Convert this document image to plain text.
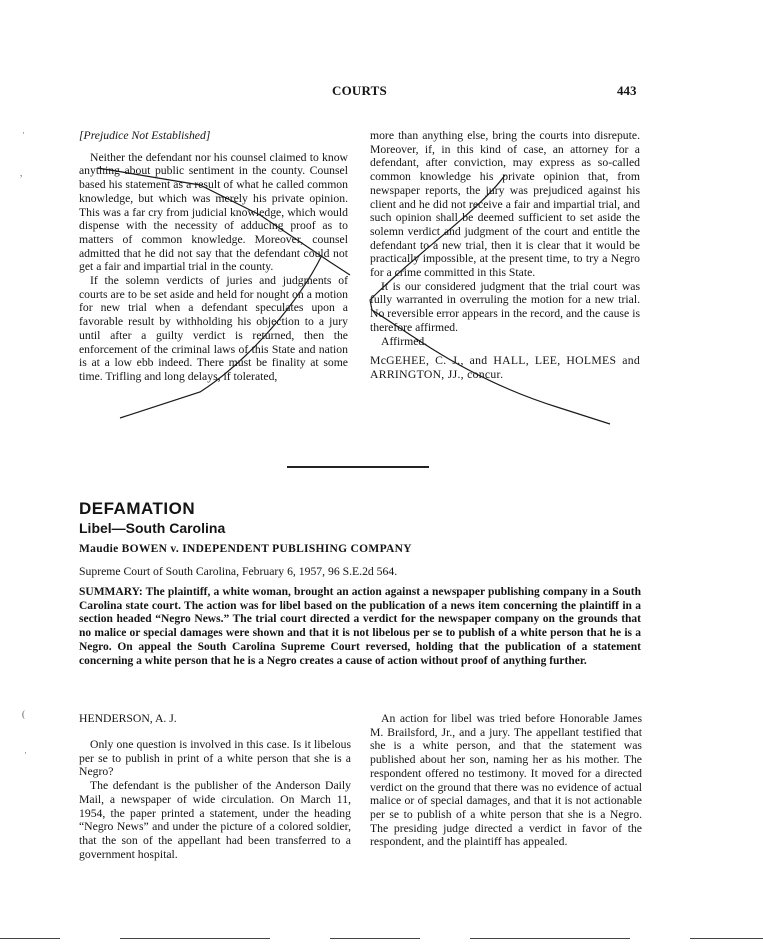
COURTS	443

[Prejudice Not Established]

Neither the defendant nor his counsel claimed to know anything about public sentiment in the county. Counsel based his statement as a result of what he called common knowledge, but which was merely his private opinion. This was a far cry from judicial knowledge, which would dispense with the necessity of adducing proof as to matters of common knowledge. Moreover, counsel admitted that he did not say that the defendant could not get a fair and impartial trial in the county.

If the solemn verdicts of juries and judgments of courts are to be set aside and held for nought on a motion for new trial when a defendant speculates upon a favorable result by withholding his objection to a jury until after a guilty verdict is returned, then the enforcement of the criminal laws of this State and nation is at a low ebb indeed. There must be finality at some time. Trifling and long delays, if tolerated,

more than anything else, bring the courts into disrepute. Moreover, if, in this kind of case, an attorney for a defendant, after conviction, may express as so-called common knowledge his private opinion that, from newspaper reports, the jury was prejudiced against his client and he did not receive a fair and impartial trial, and such opinion shall be deemed sufficient to set aside the solemn verdict and judgment of the court and entitle the defendant to a new trial, then it is clear that it would be practically impossible, at the present time, to try a Negro for a crime committed in this State.

It is our considered judgment that the trial court was fully warranted in overruling the motion for a new trial. No reversible error appears in the record, and the cause is therefore affirmed.

Affirmed.

McGEHEE, C. J., and HALL, LEE, HOLMES and ARRINGTON, JJ., concur.

DEFAMATION
Libel—South Carolina
Maudie BOWEN v. INDEPENDENT PUBLISHING COMPANY
Supreme Court of South Carolina, February 6, 1957, 96 S.E.2d 564.
SUMMARY: The plaintiff, a white woman, brought an action against a newspaper publishing company in a South Carolina state court. The action was for libel based on the publication of a news item concerning the plaintiff in a section headed “Negro News.” The trial court directed a verdict for the newspaper company on the grounds that no malice or special damages were shown and that it is not libelous per se to publish of a white person that he is a Negro. On appeal the South Carolina Supreme Court reversed, holding that the publication of a statement concerning a white person that he is a Negro creates a cause of action without proof of anything further.
HENDERSON, A. J.

Only one question is involved in this case. Is it libelous per se to publish in print of a white person that she is a Negro?

The defendant is the publisher of the Anderson Daily Mail, a newspaper of wide circulation. On March 11, 1954, the paper printed a statement, under the heading “Negro News” and under the picture of a colored soldier, that the son of the appellant had been transferred to a government hospital.

An action for libel was tried before Honorable James M. Brailsford, Jr., and a jury. The appellant testified that she is a white person, and that the statement was published about her son, naming her as his mother. The respondent offered no testimony. It moved for a directed verdict on the ground that there was no evidence of actual malice or of special damages, and that it is not actionable per se to publish of a white person that she is a Negro. The presiding judge directed a verdict in favor of the respondent, and the plaintiff has appealed.

·
,
(
·
